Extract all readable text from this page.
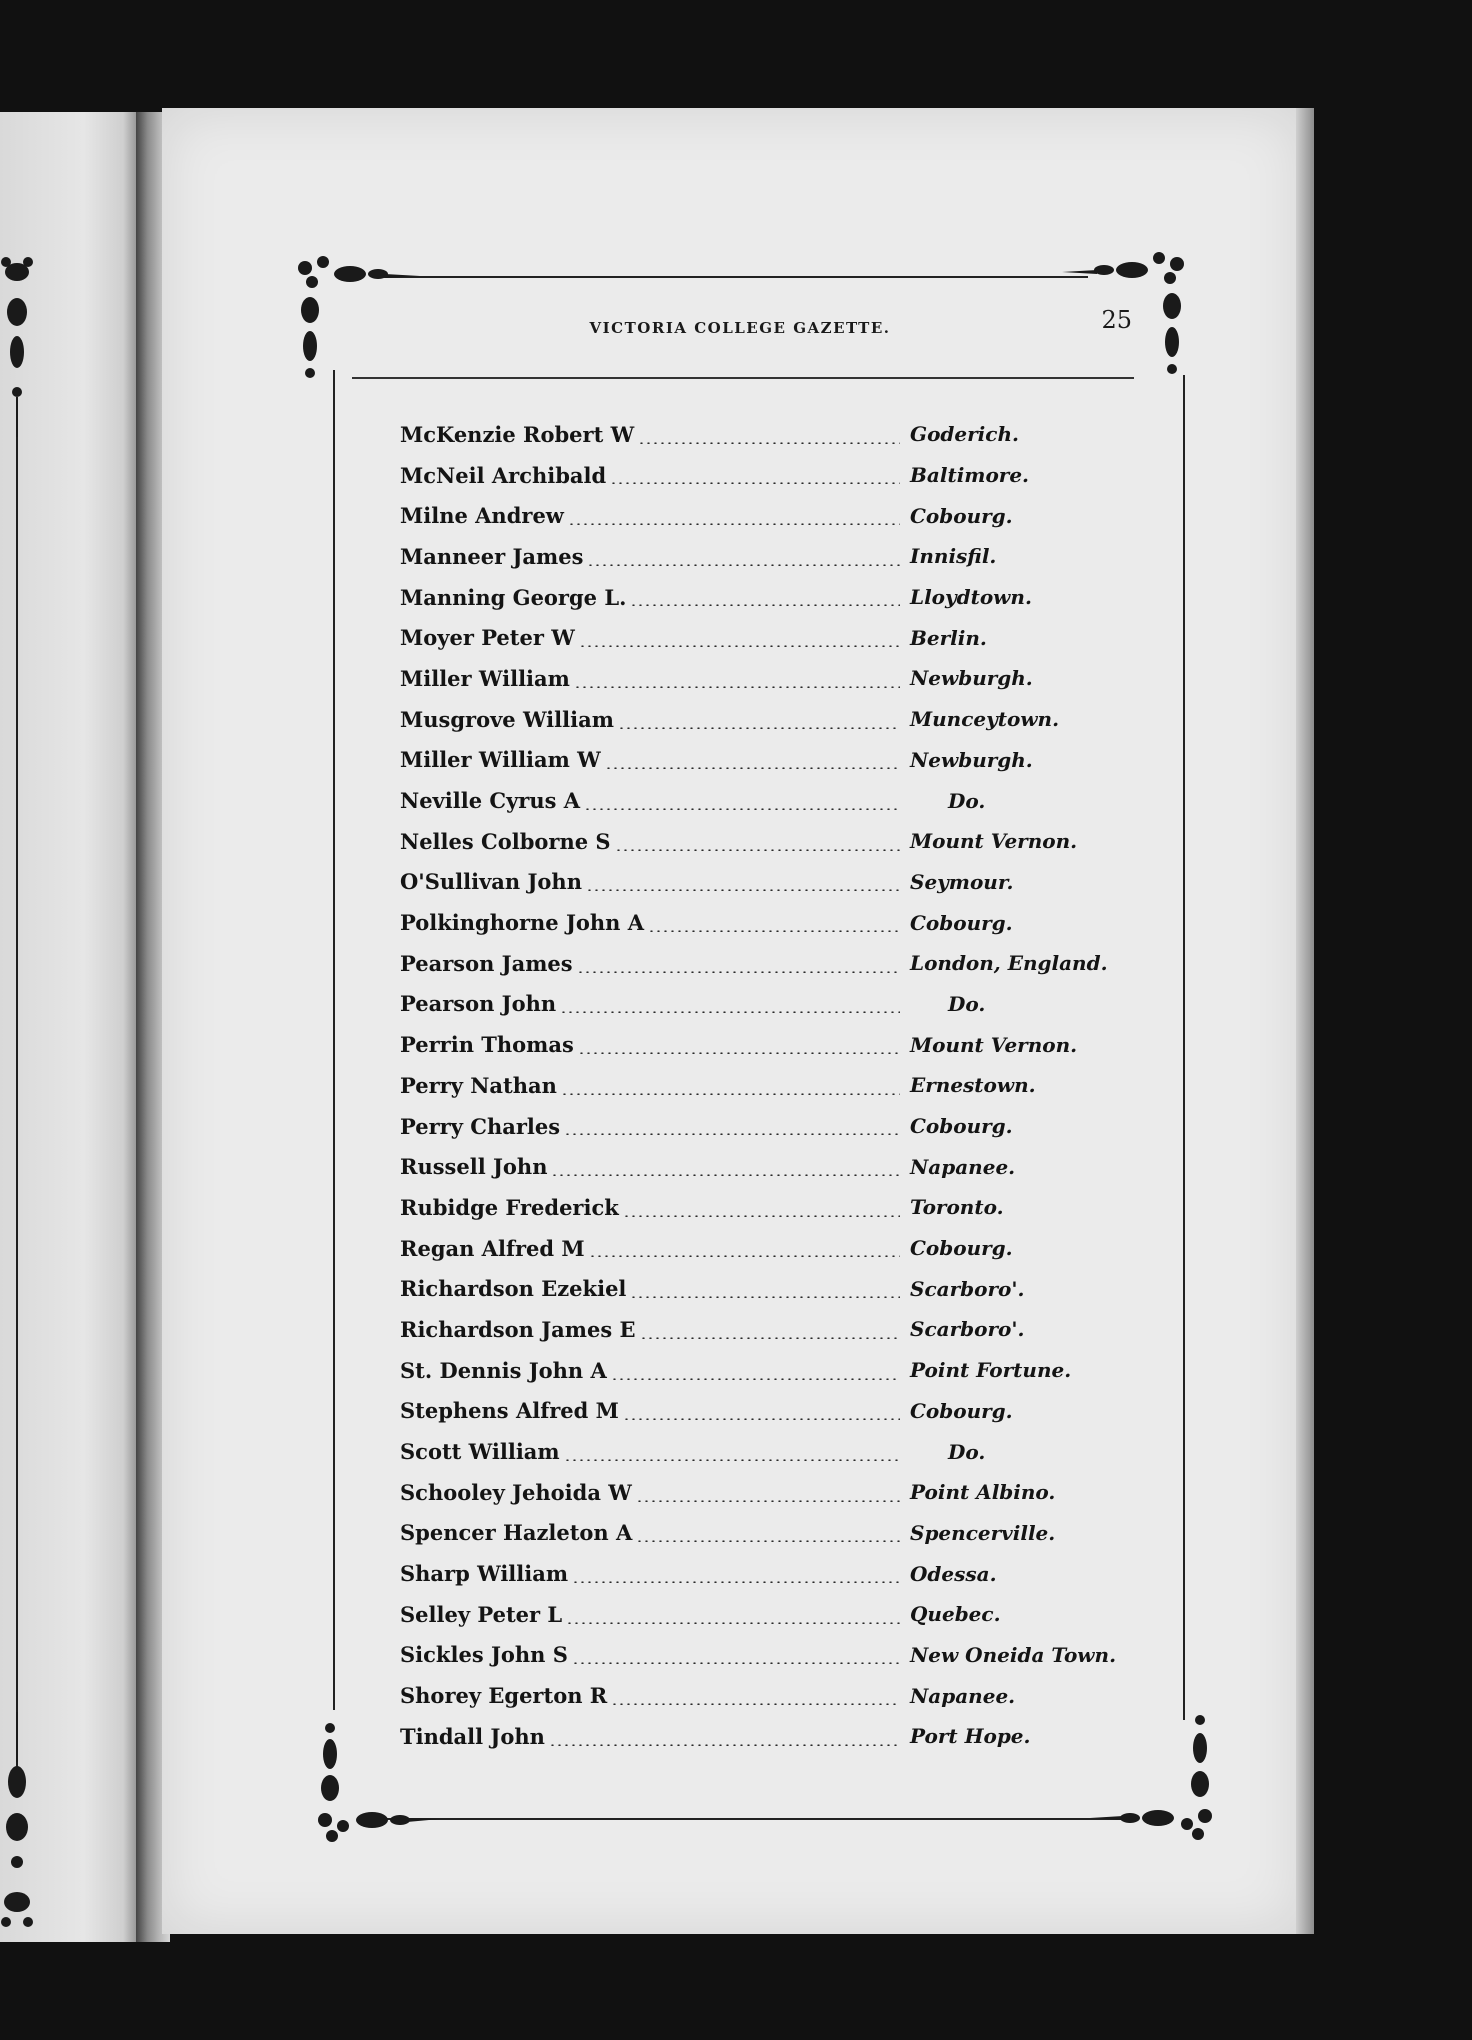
VICTORIA COLLEGE GAZETTE.	25
McKenzie Robert W	Goderich.
McNeil Archibald	Baltimore.
Milne Andrew	Cobourg.
Manneer James	Innisfil.
Manning George L.	Lloydtown.
Moyer Peter W	Berlin.
Miller William	Newburgh.
Musgrove William	Munceytown.
Miller William W	Newburgh.
Neville Cyrus A	Do.
Nelles Colborne S	Mount Vernon.
O'Sullivan John	Seymour.
Polkinghorne John A	Cobourg.
Pearson James	London, England.
Pearson John	Do.
Perrin Thomas	Mount Vernon.
Perry Nathan	Ernestown.
Perry Charles	Cobourg.
Russell John	Napanee.
Rubidge Frederick	Toronto.
Regan Alfred M	Cobourg.
Richardson Ezekiel	Scarboro'.
Richardson James E	Scarboro'.
St. Dennis John A	Point Fortune.
Stephens Alfred M	Cobourg.
Scott William	Do.
Schooley Jehoida W	Point Albino.
Spencer Hazleton A	Spencerville.
Sharp William	Odessa.
Selley Peter L	Quebec.
Sickles John S	New Oneida Town.
Shorey Egerton R	Napanee.
Tindall John	Port Hope.
